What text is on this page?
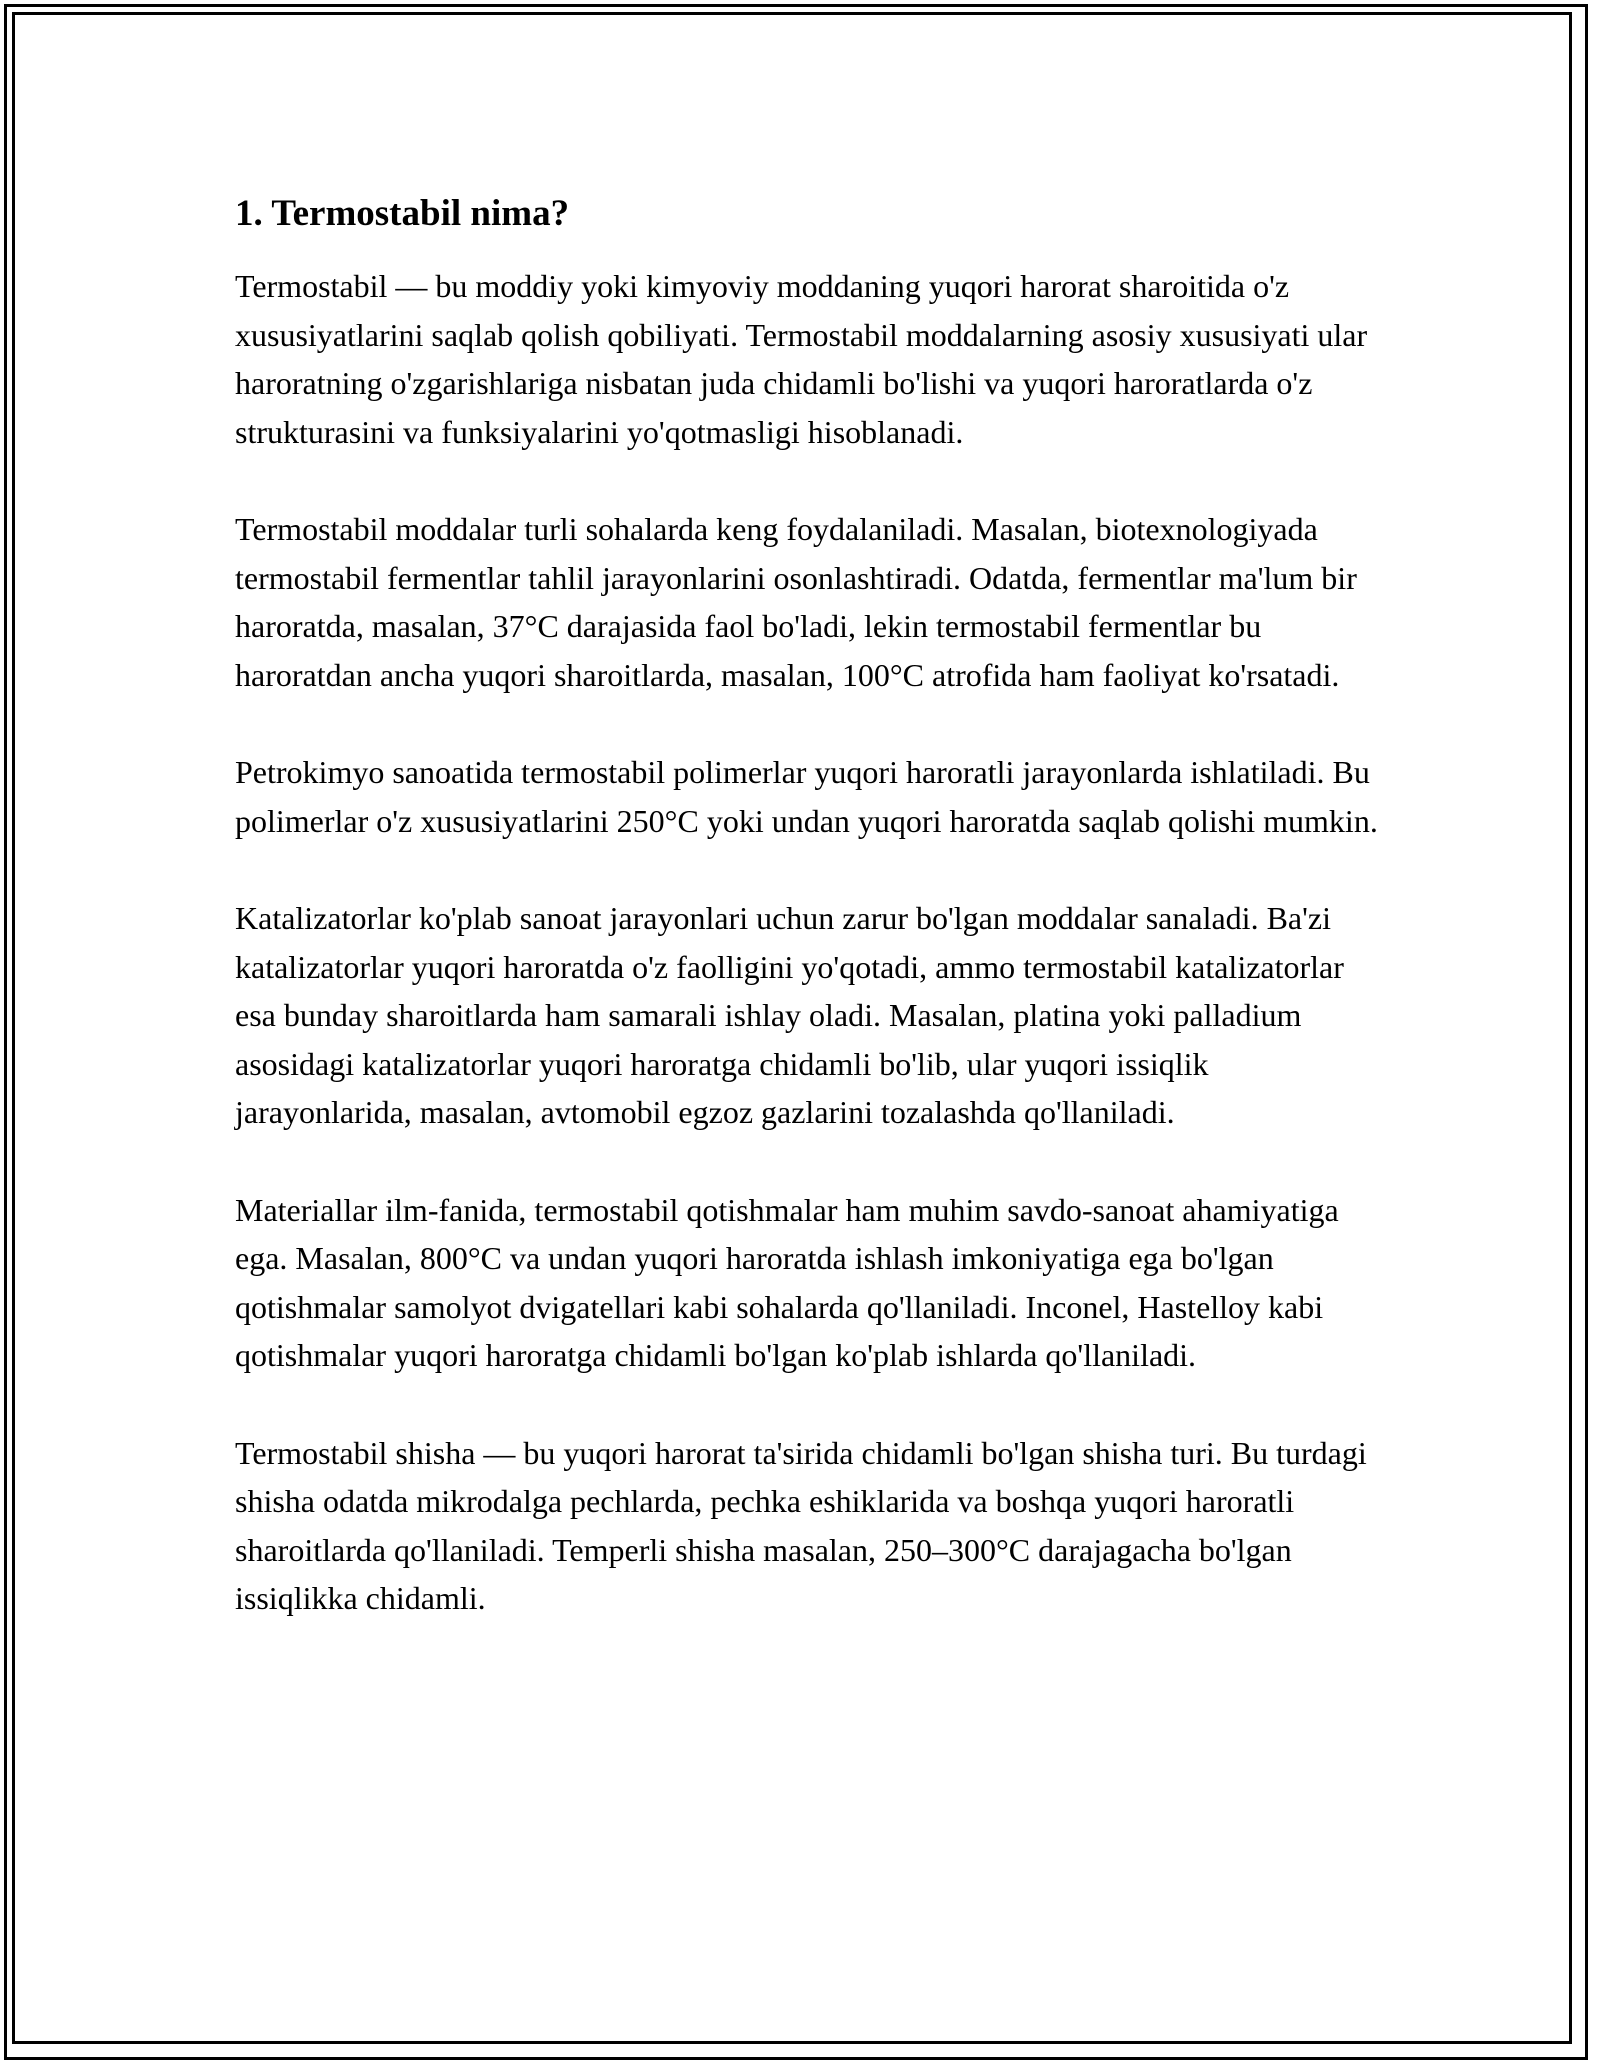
1. Termostabil nima?

Termostabil — bu moddiy yoki kimyoviy moddaning yuqori harorat sharoitida o'z xususiyatlarini saqlab qolish qobiliyati. Termostabil moddalarning asosiy xususiyati ular haroratning o'zgarishlariga nisbatan juda chidamli bo'lishi va yuqori haroratlarda o'z strukturasini va funksiyalarini yo'qotmasligi hisoblanadi.

Termostabil moddalar turli sohalarda keng foydalaniladi. Masalan, biotexnologiyada termostabil fermentlar tahlil jarayonlarini osonlashtiradi. Odatda, fermentlar ma'lum bir haroratda, masalan, 37°C darajasida faol bo'ladi, lekin termostabil fermentlar bu haroratdan ancha yuqori sharoitlarda, masalan, 100°C atrofida ham faoliyat ko'rsatadi.

Petrokimyo sanoatida termostabil polimerlar yuqori haroratli jarayonlarda ishlatiladi. Bu polimerlar o'z xususiyatlarini 250°C yoki undan yuqori haroratda saqlab qolishi mumkin.

Katalizatorlar ko'plab sanoat jarayonlari uchun zarur bo'lgan moddalar sanaladi. Ba'zi katalizatorlar yuqori haroratda o'z faolligini yo'qotadi, ammo termostabil katalizatorlar esa bunday sharoitlarda ham samarali ishlay oladi. Masalan, platina yoki palladium asosidagi katalizatorlar yuqori haroratga chidamli bo'lib, ular yuqori issiqlik jarayonlarida, masalan, avtomobil egzoz gazlarini tozalashda qo'llaniladi.

Materiallar ilm-fanida, termostabil qotishmalar ham muhim savdo-sanoat ahamiyatiga ega. Masalan, 800°C va undan yuqori haroratda ishlash imkoniyatiga ega bo'lgan qotishmalar samolyot dvigatellari kabi sohalarda qo'llaniladi. Inconel, Hastelloy kabi qotishmalar yuqori haroratga chidamli bo'lgan ko'plab ishlarda qo'llaniladi.

Termostabil shisha — bu yuqori harorat ta'sirida chidamli bo'lgan shisha turi. Bu turdagi shisha odatda mikrodalga pechlarda, pechka eshiklarida va boshqa yuqori haroratli sharoitlarda qo'llaniladi. Temperli shisha masalan, 250–300°C darajagacha bo'lgan issiqlikka chidamli.
